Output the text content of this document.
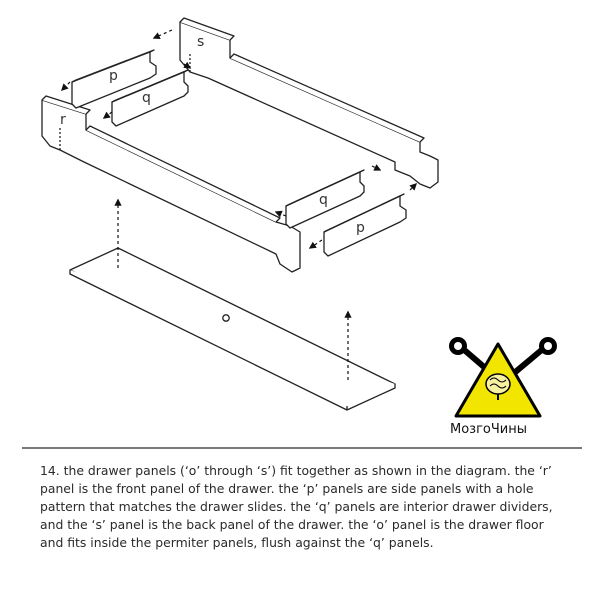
s
r
p
q
q
p
МозгоЧины

14. the drawer panels (‘o’ through ‘s’) fit together as shown in the diagram. the ‘r’ panel is the front panel of the drawer. the ‘p’ panels are side panels with a hole pattern that matches the drawer slides. the ‘q’ panels are interior drawer dividers, and the ‘s’ panel is the back panel of the drawer. the ‘o’ panel is the drawer floor and fits inside the permiter panels, flush against the ‘q’ panels.
